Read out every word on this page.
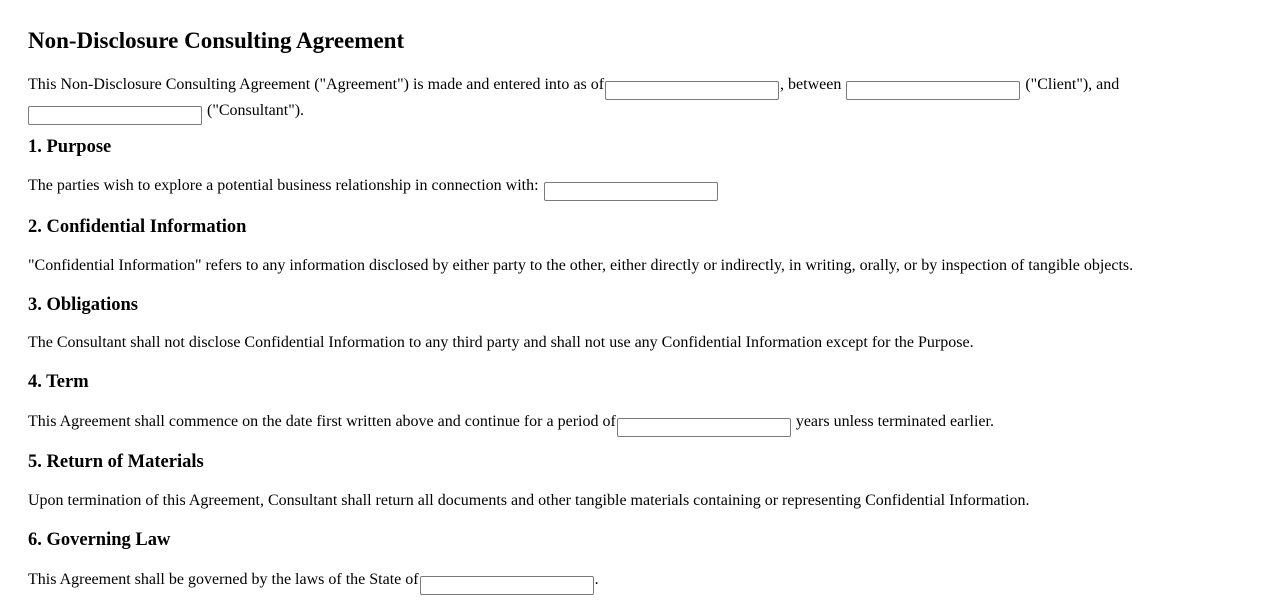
Non-Disclosure Consulting Agreement

This Non-Disclosure Consulting Agreement ("Agreement") is made and entered into as of	, between	("Client"), and
("Consultant").

1. Purpose

The parties wish to explore a potential business relationship in connection with:

2. Confidential Information

"Confidential Information" refers to any information disclosed by either party to the other, either directly or indirectly, in writing, orally, or by inspection of tangible objects.

3. Obligations

The Consultant shall not disclose Confidential Information to any third party and shall not use any Confidential Information except for the Purpose.

4. Term

This Agreement shall commence on the date first written above and continue for a period of	years unless terminated earlier.

5. Return of Materials

Upon termination of this Agreement, Consultant shall return all documents and other tangible materials containing or representing Confidential Information.

6. Governing Law

This Agreement shall be governed by the laws of the State of	.
